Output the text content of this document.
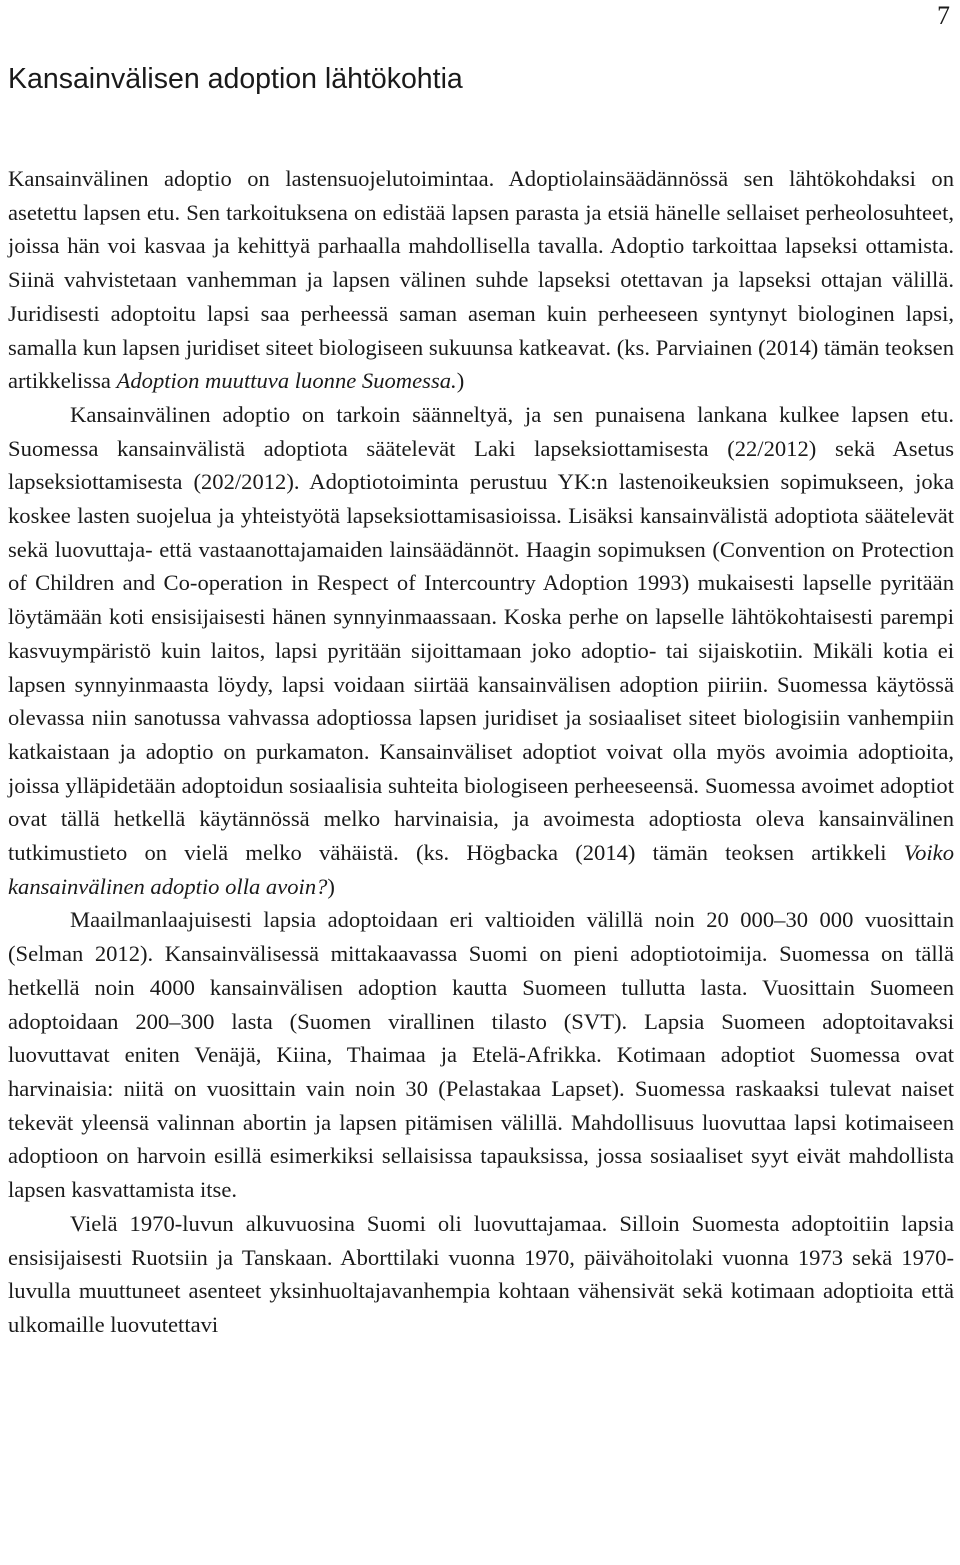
7
Kansainvälisen adoption lähtökohtia

Kansainvälinen adoptio on lastensuojelutoimintaa. Adoptiolainsäädännössä sen lähtökohdaksi on asetettu lapsen etu. Sen tarkoituksena on edistää lapsen parasta ja etsiä hänelle sellaiset perheolosuhteet, joissa hän voi kasvaa ja kehittyä parhaalla mahdollisella tavalla. Adoptio tarkoittaa lapseksi ottamista. Siinä vahvistetaan vanhemman ja lapsen välinen suhde lapseksi otettavan ja lapseksi ottajan välillä. Juridisesti adoptoitu lapsi saa perheessä saman aseman kuin perheeseen syntynyt biologinen lapsi, samalla kun lapsen juridiset siteet biologiseen sukuunsa katkeavat. (ks. Parviainen (2014) tämän teoksen artikkelissa Adoption muuttuva luonne Suomessa.)

Kansainvälinen adoptio on tarkoin säänneltyä, ja sen punaisena lankana kulkee lapsen etu. Suomessa kansainvälistä adoptiota säätelevät Laki lapseksiottamisesta (22/2012) sekä Asetus lapseksiottamisesta (202/2012). Adoptiotoiminta perustuu YK:n lastenoikeuksien sopimukseen, joka koskee lasten suojelua ja yhteistyötä lapseksiottamisasioissa. Lisäksi kansainvälistä adoptiota säätelevät sekä luovuttaja- että vastaanottajamaiden lainsäädännöt. Haagin sopimuksen (Convention on Protection of Children and Co-operation in Respect of Intercountry Adoption 1993) mukaisesti lapselle pyritään löytämään koti ensisijaisesti hänen synnyinmaassaan. Koska perhe on lapselle lähtökohtaisesti parempi kasvuympäristö kuin laitos, lapsi pyritään sijoittamaan joko adoptio- tai sijaiskotiin. Mikäli kotia ei lapsen synnyinmaasta löydy, lapsi voidaan siirtää kansainvälisen adoption piiriin. Suomessa käytössä olevassa niin sanotussa vahvassa adoptiossa lapsen juridiset ja sosiaaliset siteet biologisiin vanhempiin katkaistaan ja adoptio on purkamaton. Kansainväliset adoptiot voivat olla myös avoimia adoptioita, joissa ylläpidetään adoptoidun sosiaalisia suhteita biologiseen perheeseensä. Suomessa avoimet adoptiot ovat tällä hetkellä käytännössä melko harvinaisia, ja avoimesta adoptiosta oleva kansainvälinen tutkimustieto on vielä melko vähäistä. (ks. Högbacka (2014) tämän teoksen artikkeli Voiko kansainvälinen adoptio olla avoin?)

Maailmanlaajuisesti lapsia adoptoidaan eri valtioiden välillä noin 20 000–30 000 vuosittain (Selman 2012). Kansainvälisessä mittakaavassa Suomi on pieni adoptiotoimija. Suomessa on tällä hetkellä noin 4000 kansainvälisen adoption kautta Suomeen tullutta lasta. Vuosittain Suomeen adoptoidaan 200–300 lasta (Suomen virallinen tilasto (SVT). Lapsia Suomeen adoptoitavaksi luovuttavat eniten Venäjä, Kiina, Thaimaa ja Etelä-Afrikka. Kotimaan adoptiot Suomessa ovat harvinaisia: niitä on vuosittain vain noin 30 (Pelastakaa Lapset). Suomessa raskaaksi tulevat naiset tekevät yleensä valinnan abortin ja lapsen pitämisen välillä. Mahdollisuus luovuttaa lapsi kotimaiseen adoptioon on harvoin esillä esimerkiksi sellaisissa tapauksissa, jossa sosiaaliset syyt eivät mahdollista lapsen kasvattamista itse.

Vielä 1970-luvun alkuvuosina Suomi oli luovuttajamaa. Silloin Suomesta adoptoitiin lapsia ensisijaisesti Ruotsiin ja Tanskaan. Aborttilaki vuonna 1970, päivähoitolaki vuonna 1973 sekä 1970-luvulla muuttuneet asenteet yksinhuoltajavanhempia kohtaan vähensivät sekä kotimaan adoptioita että ulkomaille luovutettavi
